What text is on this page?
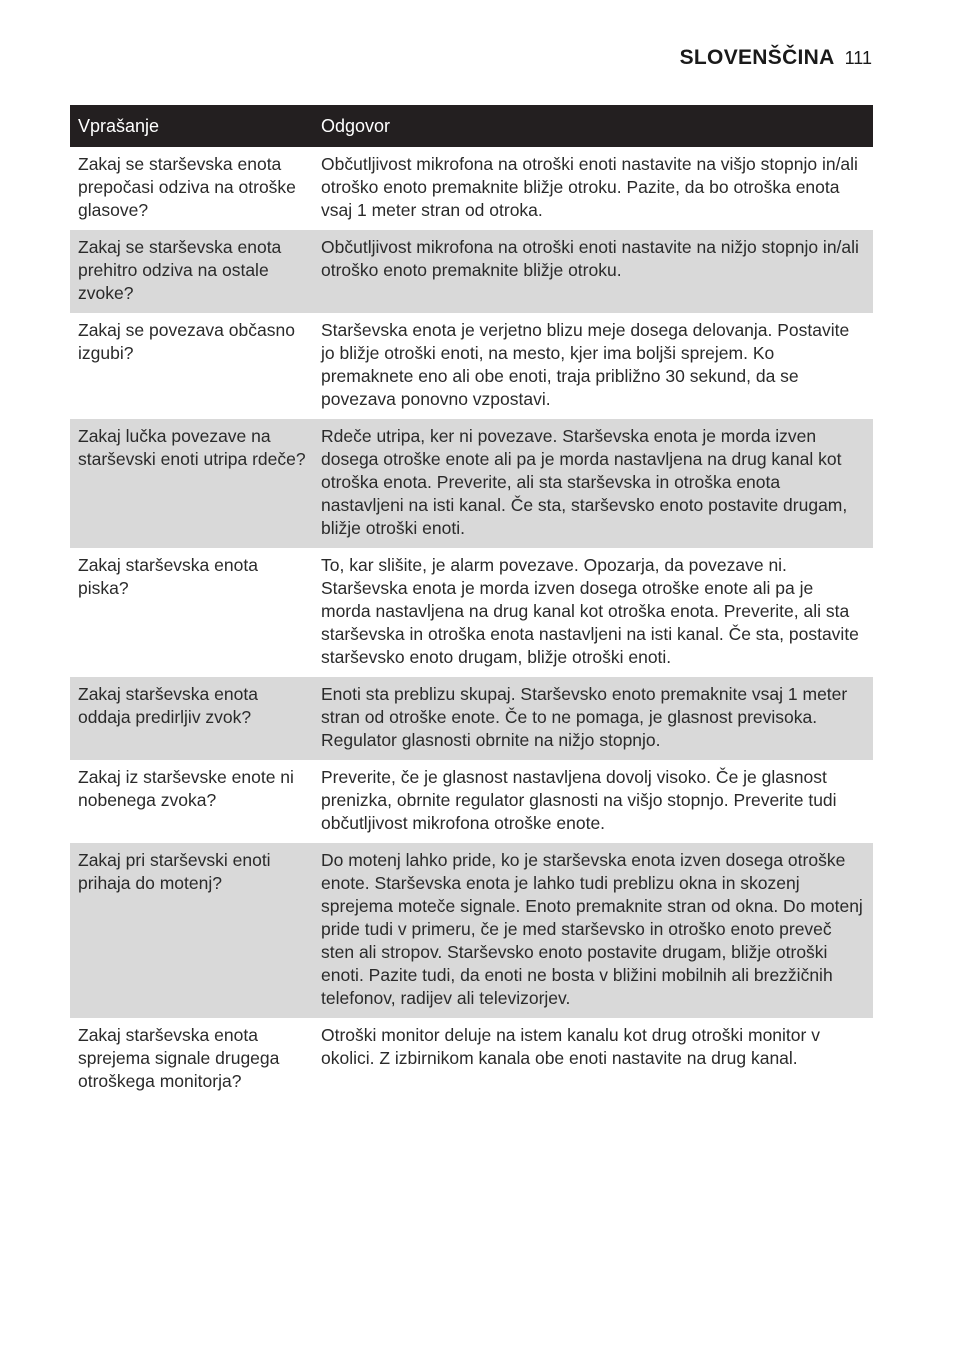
SLOVENŠČINA 111
Vprašanje	Odgovor
Zakaj se starševska enota prepočasi odziva na otroške glasove?
Občutljivost mikrofona na otroški enoti nastavite na višjo stopnjo in/ali otroško enoto premaknite bližje otroku. Pazite, da bo otroška enota vsaj 1 meter stran od otroka.
Zakaj se starševska enota prehitro odziva na ostale zvoke?
Občutljivost mikrofona na otroški enoti nastavite na nižjo stopnjo in/ali otroško enoto premaknite bližje otroku.
Zakaj se povezava občasno izgubi?
Starševska enota je verjetno blizu meje dosega delovanja. Postavite jo bližje otroški enoti, na mesto, kjer ima boljši sprejem. Ko premaknete eno ali obe enoti, traja približno 30 sekund, da se povezava ponovno vzpostavi.
Zakaj lučka povezave na starševski enoti utripa rdeče?
Rdeče utripa, ker ni povezave. Starševska enota je morda izven dosega otroške enote ali pa je morda nastavljena na drug kanal kot otroška enota. Preverite, ali sta starševska in otroška enota nastavljeni na isti kanal. Če sta, starševsko enoto postavite drugam, bližje otroški enoti.
Zakaj starševska enota piska?
To, kar slišite, je alarm povezave. Opozarja, da povezave ni. Starševska enota je morda izven dosega otroške enote ali pa je morda nastavljena na drug kanal kot otroška enota. Preverite, ali sta starševska in otroška enota nastavljeni na isti kanal. Če sta, postavite starševsko enoto drugam, bližje otroški enoti.
Zakaj starševska enota oddaja predirljiv zvok?
Enoti sta preblizu skupaj. Starševsko enoto premaknite vsaj 1 meter stran od otroške enote. Če to ne pomaga, je glasnost previsoka. Regulator glasnosti obrnite na nižjo stopnjo.
Zakaj iz starševske enote ni nobenega zvoka?
Preverite, če je glasnost nastavljena dovolj visoko. Če je glasnost prenizka, obrnite regulator glasnosti na višjo stopnjo. Preverite tudi občutljivost mikrofona otroške enote.
Zakaj pri starševski enoti prihaja do motenj?
Do motenj lahko pride, ko je starševska enota izven dosega otroške enote. Starševska enota je lahko tudi preblizu okna in skozenj sprejema moteče signale. Enoto premaknite stran od okna. Do motenj pride tudi v primeru, če je med starševsko in otroško enoto preveč sten ali stropov. Starševsko enoto postavite drugam, bližje otroški enoti. Pazite tudi, da enoti ne bosta v bližini mobilnih ali brezžičnih telefonov, radijev ali televizorjev.
Zakaj starševska enota sprejema signale drugega otroškega monitorja?
Otroški monitor deluje na istem kanalu kot drug otroški monitor v okolici. Z izbirnikom kanala obe enoti nastavite na drug kanal.
